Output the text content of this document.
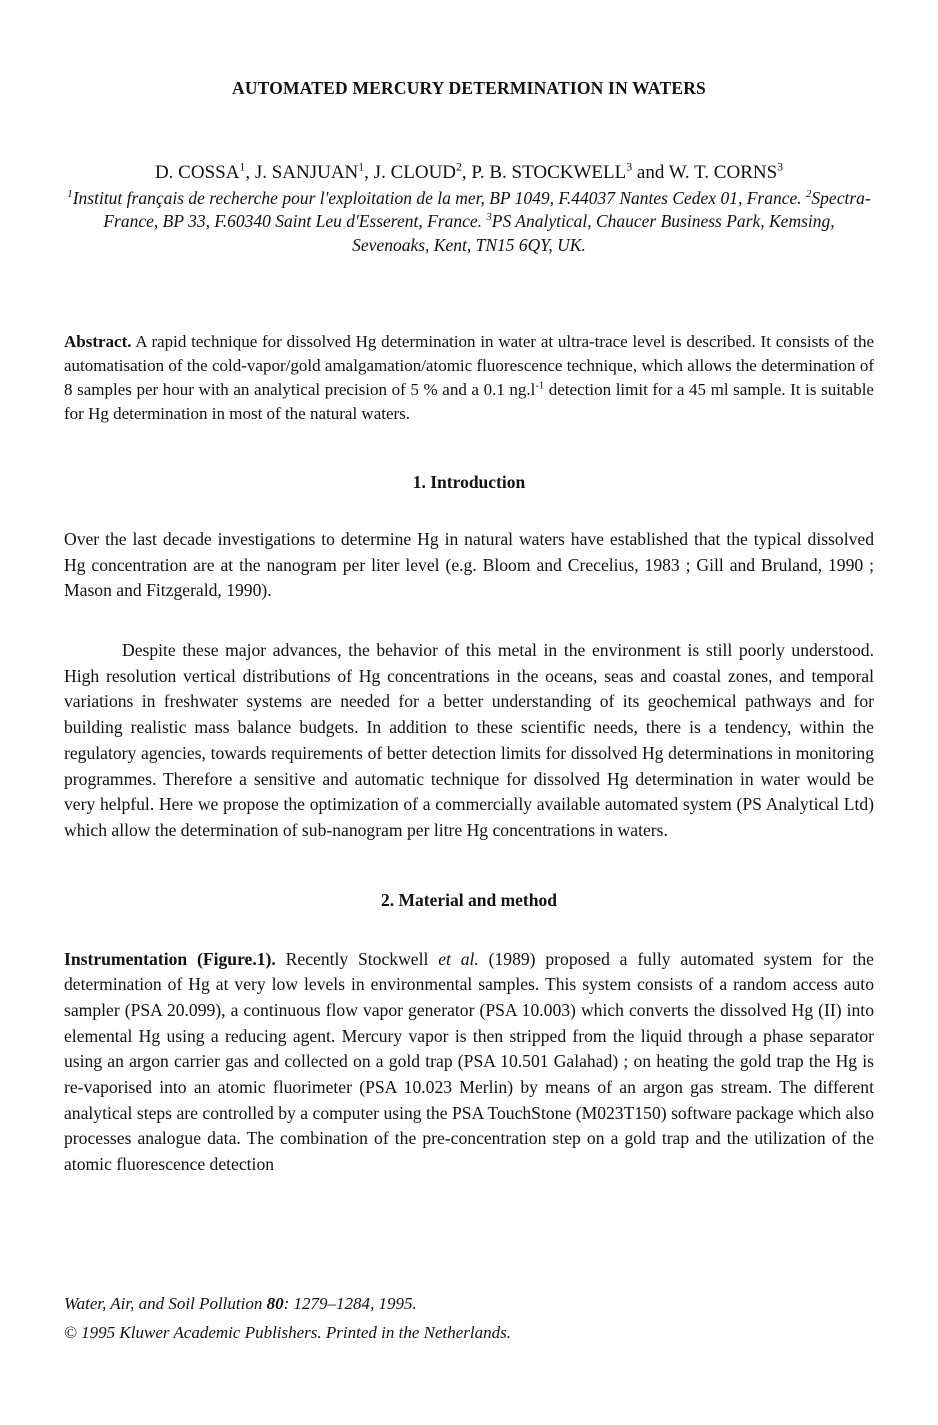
AUTOMATED MERCURY DETERMINATION IN WATERS
D. COSSA$^1$, J. SANJUAN$^1$, J. CLOUD$^2$, P. B. STOCKWELL$^3$ and W. T. CORNS$^3$
$^1$Institut français de recherche pour l'exploitation de la mer, BP 1049, F.44037 Nantes Cedex 01, France. $^2$Spectra-France, BP 33, F.60340 Saint Leu d'Esserent, France. $^3$PS Analytical, Chaucer Business Park, Kemsing, Sevenoaks, Kent, TN15 6QY, UK.
Abstract. A rapid technique for dissolved Hg determination in water at ultra-trace level is described. It consists of the automatisation of the cold-vapor/gold amalgamation/atomic fluorescence technique, which allows the determination of 8 samples per hour with an analytical precision of 5 % and a 0.1 $ng.l^{-1}$ detection limit for a 45 ml sample. It is suitable for Hg determination in most of the natural waters.
1. Introduction

Over the last decade investigations to determine Hg in natural waters have established that the typical dissolved Hg concentration are at the nanogram per liter level (e.g. Bloom and Crecelius, 1983 ; Gill and Bruland, 1990 ; Mason and Fitzgerald, 1990).

Despite these major advances, the behavior of this metal in the environment is still poorly understood. High resolution vertical distributions of Hg concentrations in the oceans, seas and coastal zones, and temporal variations in freshwater systems are needed for a better understanding of its geochemical pathways and for building realistic mass balance budgets. In addition to these scientific needs, there is a tendency, within the regulatory agencies, towards requirements of better detection limits for dissolved Hg determinations in monitoring programmes. Therefore a sensitive and automatic technique for dissolved Hg determination in water would be very helpful. Here we propose the optimization of a commercially available automated system (PS Analytical Ltd) which allow the determination of sub-nanogram per litre Hg concentrations in waters.

2. Material and method

Instrumentation (Figure.1). Recently Stockwell et al. (1989) proposed a fully automated system for the determination of Hg at very low levels in environmental samples. This system consists of a random access auto sampler (PSA 20.099), a continuous flow vapor generator (PSA 10.003) which converts the dissolved Hg (II) into elemental Hg using a reducing agent. Mercury vapor is then stripped from the liquid through a phase separator using an argon carrier gas and collected on a gold trap (PSA 10.501 Galahad) ; on heating the gold trap the Hg is re-vaporised into an atomic fluorimeter (PSA 10.023 Merlin) by means of an argon gas stream. The different analytical steps are controlled by a computer using the PSA TouchStone (M023T150) software package which also processes analogue data. The combination of the pre-concentration step on a gold trap and the utilization of the atomic fluorescence detection

Water, Air, and Soil Pollution 80: 1279–1284, 1995.
© 1995 Kluwer Academic Publishers. Printed in the Netherlands.
